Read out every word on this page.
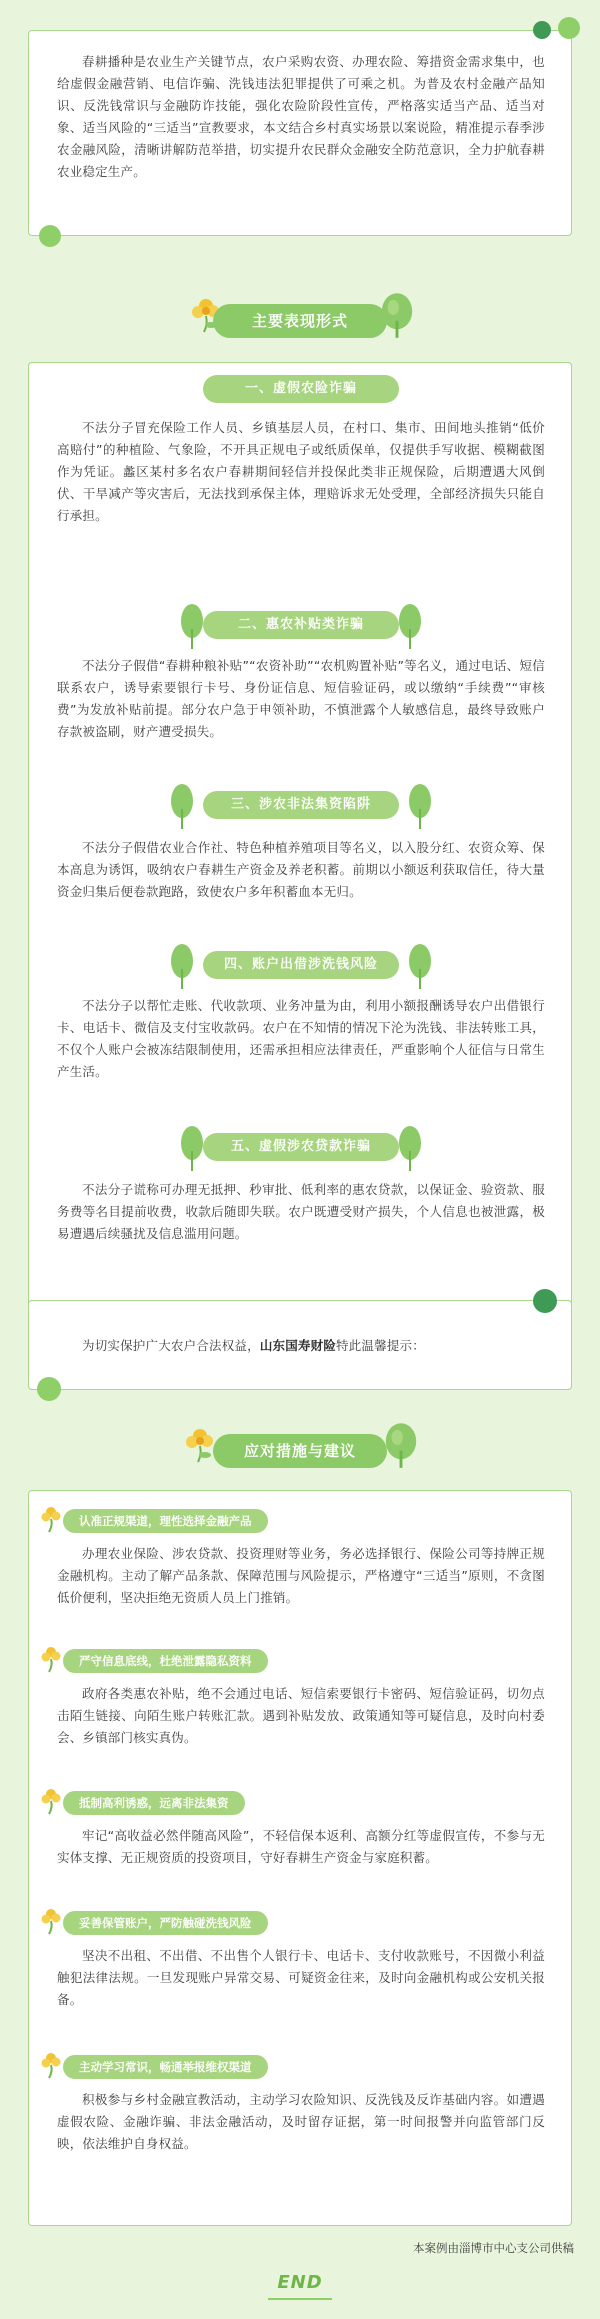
春耕播种是农业生产关键节点，农户采购农资、办理农险、筹措资金需求集中，也给虚假金融营销、电信诈骗、洗钱违法犯罪提供了可乘之机。为普及农村金融产品知识、反洗钱常识与金融防诈技能，强化农险阶段性宣传，严格落实适当产品、适当对象、适当风险的“三适当”宣教要求，本文结合乡村真实场景以案说险，精准提示春季涉农金融风险，清晰讲解防范举措，切实提升农民群众金融安全防范意识，全力护航春耕农业稳定生产。

主要表现形式
一、虚假农险诈骗

不法分子冒充保险工作人员、乡镇基层人员，在村口、集市、田间地头推销“低价高赔付”的种植险、气象险，不开具正规电子或纸质保单，仅提供手写收据、模糊截图作为凭证。蠡区某村多名农户春耕期间轻信并投保此类非正规保险，后期遭遇大风倒伏、干旱减产等灾害后，无法找到承保主体，理赔诉求无处受理，全部经济损失只能自行承担。

二、惠农补贴类诈骗

不法分子假借“春耕种粮补贴”“农资补助”“农机购置补贴”等名义，通过电话、短信联系农户，诱导索要银行卡号、身份证信息、短信验证码，或以缴纳“手续费”“审核费”为发放补贴前提。部分农户急于申领补助，不慎泄露个人敏感信息，最终导致账户存款被盗刷，财产遭受损失。

三、涉农非法集资陷阱

不法分子假借农业合作社、特色种植养殖项目等名义，以入股分红、农资众筹、保本高息为诱饵，吸纳农户春耕生产资金及养老积蓄。前期以小额返利获取信任，待大量资金归集后便卷款跑路，致使农户多年积蓄血本无归。

四、账户出借涉洗钱风险

不法分子以帮忙走账、代收款项、业务冲量为由，利用小额报酬诱导农户出借银行卡、电话卡、微信及支付宝收款码。农户在不知情的情况下沦为洗钱、非法转账工具，不仅个人账户会被冻结限制使用，还需承担相应法律责任，严重影响个人征信与日常生产生活。

五、虚假涉农贷款诈骗

不法分子谎称可办理无抵押、秒审批、低利率的惠农贷款，以保证金、验资款、服务费等名目提前收费，收款后随即失联。农户既遭受财产损失，个人信息也被泄露，极易遭遇后续骚扰及信息滥用问题。

为切实保护广大农户合法权益，山东国寿财险特此温馨提示：

应对措施与建议
认准正规渠道，理性选择金融产品

办理农业保险、涉农贷款、投资理财等业务，务必选择银行、保险公司等持牌正规金融机构。主动了解产品条款、保障范围与风险提示，严格遵守“三适当”原则，不贪图低价便利，坚决拒绝无资质人员上门推销。

严守信息底线，杜绝泄露隐私资料

政府各类惠农补贴，绝不会通过电话、短信索要银行卡密码、短信验证码，切勿点击陌生链接、向陌生账户转账汇款。遇到补贴发放、政策通知等可疑信息，及时向村委会、乡镇部门核实真伪。

抵制高利诱惑，远离非法集资

牢记“高收益必然伴随高风险”，不轻信保本返利、高额分红等虚假宣传，不参与无实体支撑、无正规资质的投资项目，守好春耕生产资金与家庭积蓄。

妥善保管账户，严防触碰洗钱风险

坚决不出租、不出借、不出售个人银行卡、电话卡、支付收款账号，不因微小利益触犯法律法规。一旦发现账户异常交易、可疑资金往来，及时向金融机构或公安机关报备。

主动学习常识，畅通举报维权渠道

积极参与乡村金融宣教活动，主动学习农险知识、反洗钱及反诈基础内容。如遭遇虚假农险、金融诈骗、非法金融活动，及时留存证据，第一时间报警并向监管部门反映，依法维护自身权益。

本案例由淄博市中心支公司供稿
END
